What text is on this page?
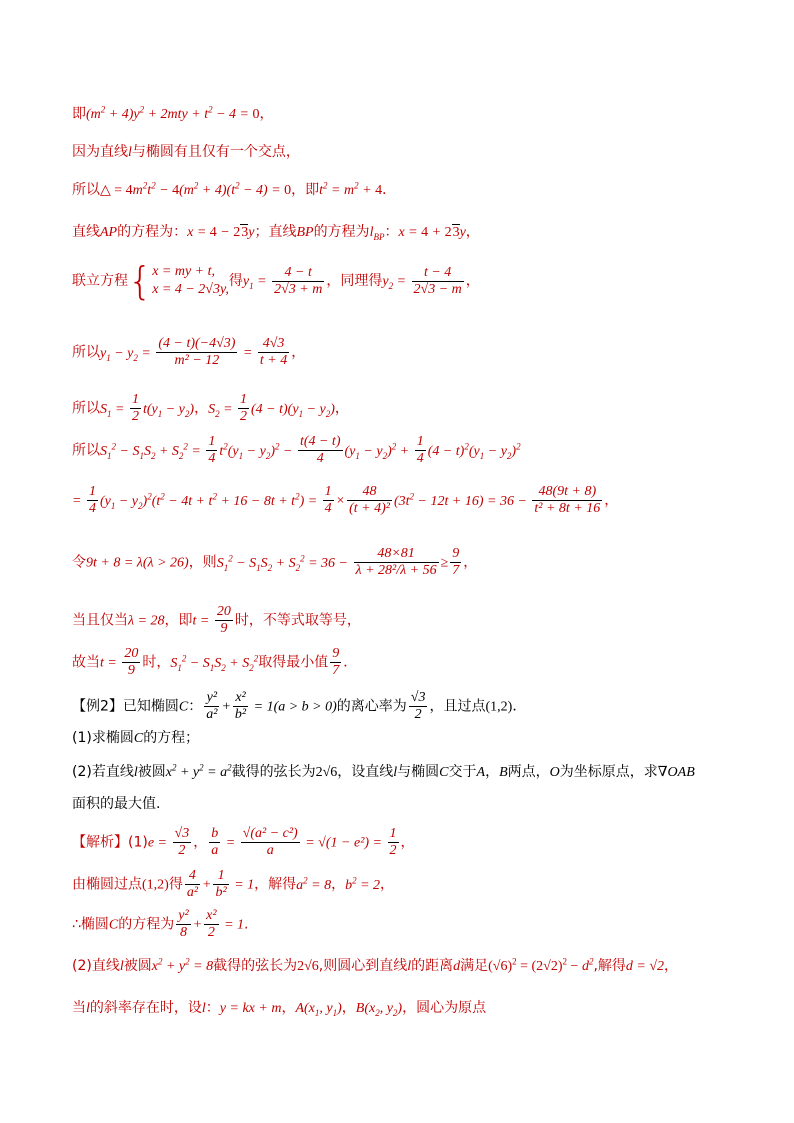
即$(m^2 + 4)y^2 + 2mty + t^2 - 4 = 0$，
因为直线l与椭圆有且仅有一个交点，
所以△ = $4m^2t^2 - 4(m^2 + 4)(t^2 - 4) = 0$，即$t^2 = m^2 + 4$．
直线AP的方程为：x = 4 − 23y；直线BP的方程为$l_{BP}$：x = 4 + 23y，
联立方程{ x = my + t,
x = 4 − 2√3y,
得$y_1 = \frac{4 - t}{2√3 + m}$ ，同理得$y_2 = \frac{t - 4}{2√3 - m}$ ，
所以$y_1 - y_2 = \frac{(4 - t)(-4√3)}{\text{m² − 12}} = \frac{4√3}{t + 4}$ ，
所以$S_1 = \frac{1}{2} t(y_1 - y_2)$，$S_2 = \frac{1}{2} (4 - t)(y_1 - y_2)$，
所以$S_1^2 - S_1S_2 + S_2^2 = \frac{1}{4} t^2(y_1 - y_2)^2 - \frac{t(4 - t)}{4} (y_1 - y_2)^2 + \frac{1}{4} (4 - t)^2(y_1 - y_2)^2$
= $\frac{1}{4} (y_1 - y_2)^2(t^2 - 4t + t^2 + 16 - 8t + t^2) = \frac{1}{4} \times \frac{48}{\text{(t + 4)²}} (3t^2 - 12t + 16) = 36 - \frac{48(9t + 8)}{\text{t² + 8t + 16}}$ ，
令9t + 8 = λ(λ > 26)，则$S_1^2 - S_1S_2 + S_2^2 = 36 - \frac{48\times 81}{\text{λ + 28²/λ + 56}} \ge \frac{9}{7}$ ，
当且仅当λ = 28，即$t = \frac{20}{9}$ 时，不等式取等号，
故当$t = \frac{20}{9}$ 时，$S_1^2 - S_1S_2 + S_2^2$取得最小值 $\frac{9}{7}$ ．
【例2】已知椭圆C： $\frac{\text{y²}}{\text{a²}} + \frac{\text{x²}}{\text{b²}} = 1(a > b > 0)$的离心率为 $\frac{√3}{2}$ ，且过点(1,2)．
(1)求椭圆C的方程；
(2)若直线l被圆$x^2 + y^2 = a^2$截得的弦长为2√6，设直线l与椭圆C交于A，B两点，O为坐标原点，求∇OAB
面积的最大值.
【解析】$(1)e = \frac{√3}{2}$ ， $\frac{b}{a} = \frac{\text{√(a² − c²)}}{a} = √(1 - e^2) = \frac{1}{2}$ ，
由椭圆过点(1,2)得 $\frac{4}{\text{a²}} + \frac{1}{\text{b²}} = 1$，解得$a^2 = 8$，$b^2 = 2$，
∴椭圆C的方程为 $\frac{\text{y²}}{8} + \frac{\text{x²}}{2} = 1$.
(2)直线l被圆$x^2 + y^2 = 8$截得的弦长为2√6,则圆心到直线l的距离d满足$(√6)^2 = (2√2)^2 - d^2$,解得d = √2，
当l的斜率存在时，设l：y = kx + m，$A(x_1$, $y_1$)，$B(x_2$, $y_2$)，圆心为原点
